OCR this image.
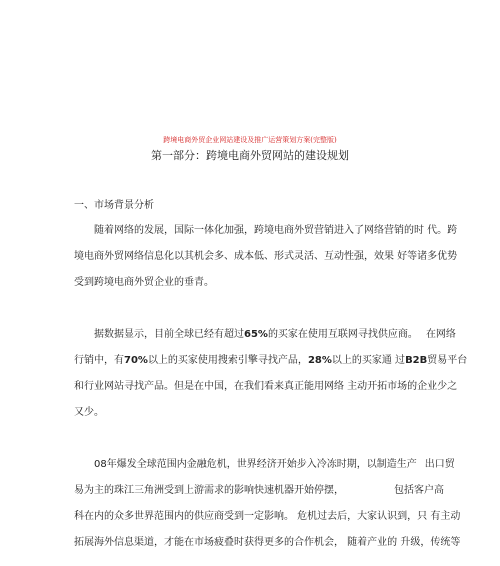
跨境电商外贸企业网站建设及推广运营策划方案(完整版)
第一部分：跨境电商外贸网站的建设规划
一、市场背景分析
随着网络的发展，国际一体化加强，跨境电商外贸营销进入了网络营销的时 代。跨
境电商外贸网络信息化以其机会多、成本低、形式灵活、互动性强，效果 好等诸多优势
受到跨境电商外贸企业的垂青。
据数据显示，目前全球已经有超过65%的买家在使用互联网寻找供应商。 在网络
行销中，有70%以上的买家使用搜索引擎寻找产品，28%以上的买家通 过B2B贸易平台
和行业网站寻找产品。但是在中国，在我们看来真正能用网络 主动开拓市场的企业少之
又少。
08年爆发全球范围内金融危机，世界经济开始步入冷冻时期，以制造生产 出口贸
易为主的珠江三角洲受到上游需求的影响快速机器开始停摆，	包括客户高
科在内的众多世界范围内的供应商受到一定影响。 危机过去后，大家认识到，只 有主动
拓展海外信息渠道，才能在市场疲叠时获得更多的合作机会， 随着产业的 升级，传统等
